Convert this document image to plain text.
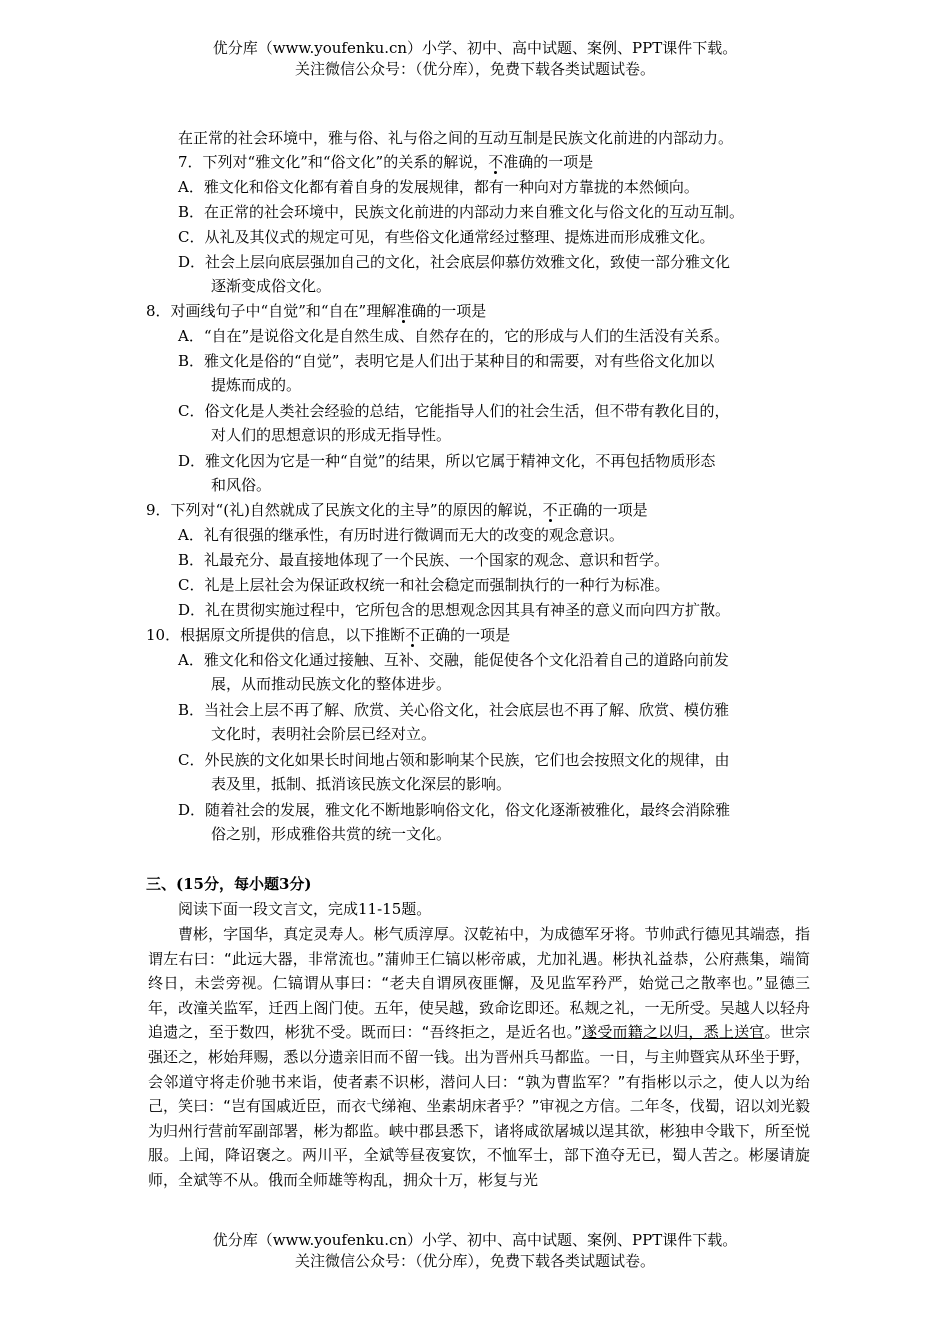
优分库（www.youfenku.cn）小学、初中、高中试题、案例、PPT课件下载。
关注微信公众号：（优分库），免费下载各类试题试卷。
在正常的社会环境中，雅与俗、礼与俗之间的互动互制是民族文化前进的内部动力。
7．下列对“雅文化”和“俗文化”的关系的解说，不准确的一项是
A．雅文化和俗文化都有着自身的发展规律，都有一种向对方靠拢的本然倾向。
B．在正常的社会环境中，民族文化前进的内部动力来自雅文化与俗文化的互动互制。
C．从礼及其仪式的规定可见，有些俗文化通常经过整理、提炼进而形成雅文化。
D．社会上层向底层强加自己的文化，社会底层仰慕仿效雅文化，致使一部分雅文化
逐渐变成俗文化。
8．对画线句子中“自觉”和“自在”理解准确的一项是
A．“自在”是说俗文化是自然生成、自然存在的，它的形成与人们的生活没有关系。
B．雅文化是俗的“自觉”，表明它是人们出于某种目的和需要，对有些俗文化加以
提炼而成的。
C．俗文化是人类社会经验的总结，它能指导人们的社会生活，但不带有教化目的，
对人们的思想意识的形成无指导性。
D．雅文化因为它是一种“自觉”的结果，所以它属于精神文化，不再包括物质形态
和风俗。
9．下列对“(礼)自然就成了民族文化的主导”的原因的解说，不正确的一项是
A．礼有很强的继承性，有历时进行微调而无大的改变的观念意识。
B．礼最充分、最直接地体现了一个民族、一个国家的观念、意识和哲学。
C．礼是上层社会为保证政权统一和社会稳定而强制执行的一种行为标准。
D．礼在贯彻实施过程中，它所包含的思想观念因其具有神圣的意义而向四方扩散。
10．根据原文所提供的信息，以下推断不正确的一项是
A．雅文化和俗文化通过接触、互补、交融，能促使各个文化沿着自己的道路向前发
展，从而推动民族文化的整体进步。
B．当社会上层不再了解、欣赏、关心俗文化，社会底层也不再了解、欣赏、模仿雅
文化时，表明社会阶层已经对立。
C．外民族的文化如果长时间地占领和影响某个民族，它们也会按照文化的规律，由
表及里，抵制、抵消该民族文化深层的影响。
D．随着社会的发展，雅文化不断地影响俗文化，俗文化逐渐被雅化，最终会消除雅
俗之别，形成雅俗共赏的统一文化。
三、(15分，每小题3分)
阅读下面一段文言文，完成11-15题。
曹彬，字国华，真定灵寿人。彬气质淳厚。汉乾祐中，为成德军牙将。节帅武行德见其端悫，指谓左右曰：“此远大器，非常流也。”蒲帅王仁镐以彬帝戚，尤加礼遇。彬执礼益恭，公府燕集，端简终日，未尝旁视。仁镐谓从事曰：“老夫自谓夙夜匪懈，及见监军矜严，始觉己之散率也。”显德三年，改潼关监军，迁西上阁门使。五年，使吴越，致命讫即还。私觌之礼，一无所受。吴越人以轻舟追遗之，至于数四，彬犹不受。既而曰：“吾终拒之，是近名也。”遂受而籍之以归，悉上送官。世宗强还之，彬始拜赐，悉以分遗亲旧而不留一钱。出为晋州兵马都监。一日，与主帅暨宾从环坐于野，会邻道守将走价驰书来诣，使者素不识彬，潜问人曰：“孰为曹监军？”有指彬以示之，使人以为绐己，笑曰：“岂有国戚近臣，而衣弋绨袍、坐素胡床者乎？”审视之方信。二年冬，伐蜀，诏以刘光毅为归州行营前军副部署，彬为都监。峡中郡县悉下，诸将咸欲屠城以逞其欲，彬独申令戢下，所至悦服。上闻，降诏褒之。两川平，全斌等昼夜宴饮，不恤军士，部下渔夺无已，蜀人苦之。彬屡请旋师，全斌等不从。俄而全师雄等构乱，拥众十万，彬复与光
优分库（www.youfenku.cn）小学、初中、高中试题、案例、PPT课件下载。
关注微信公众号：（优分库），免费下载各类试题试卷。
